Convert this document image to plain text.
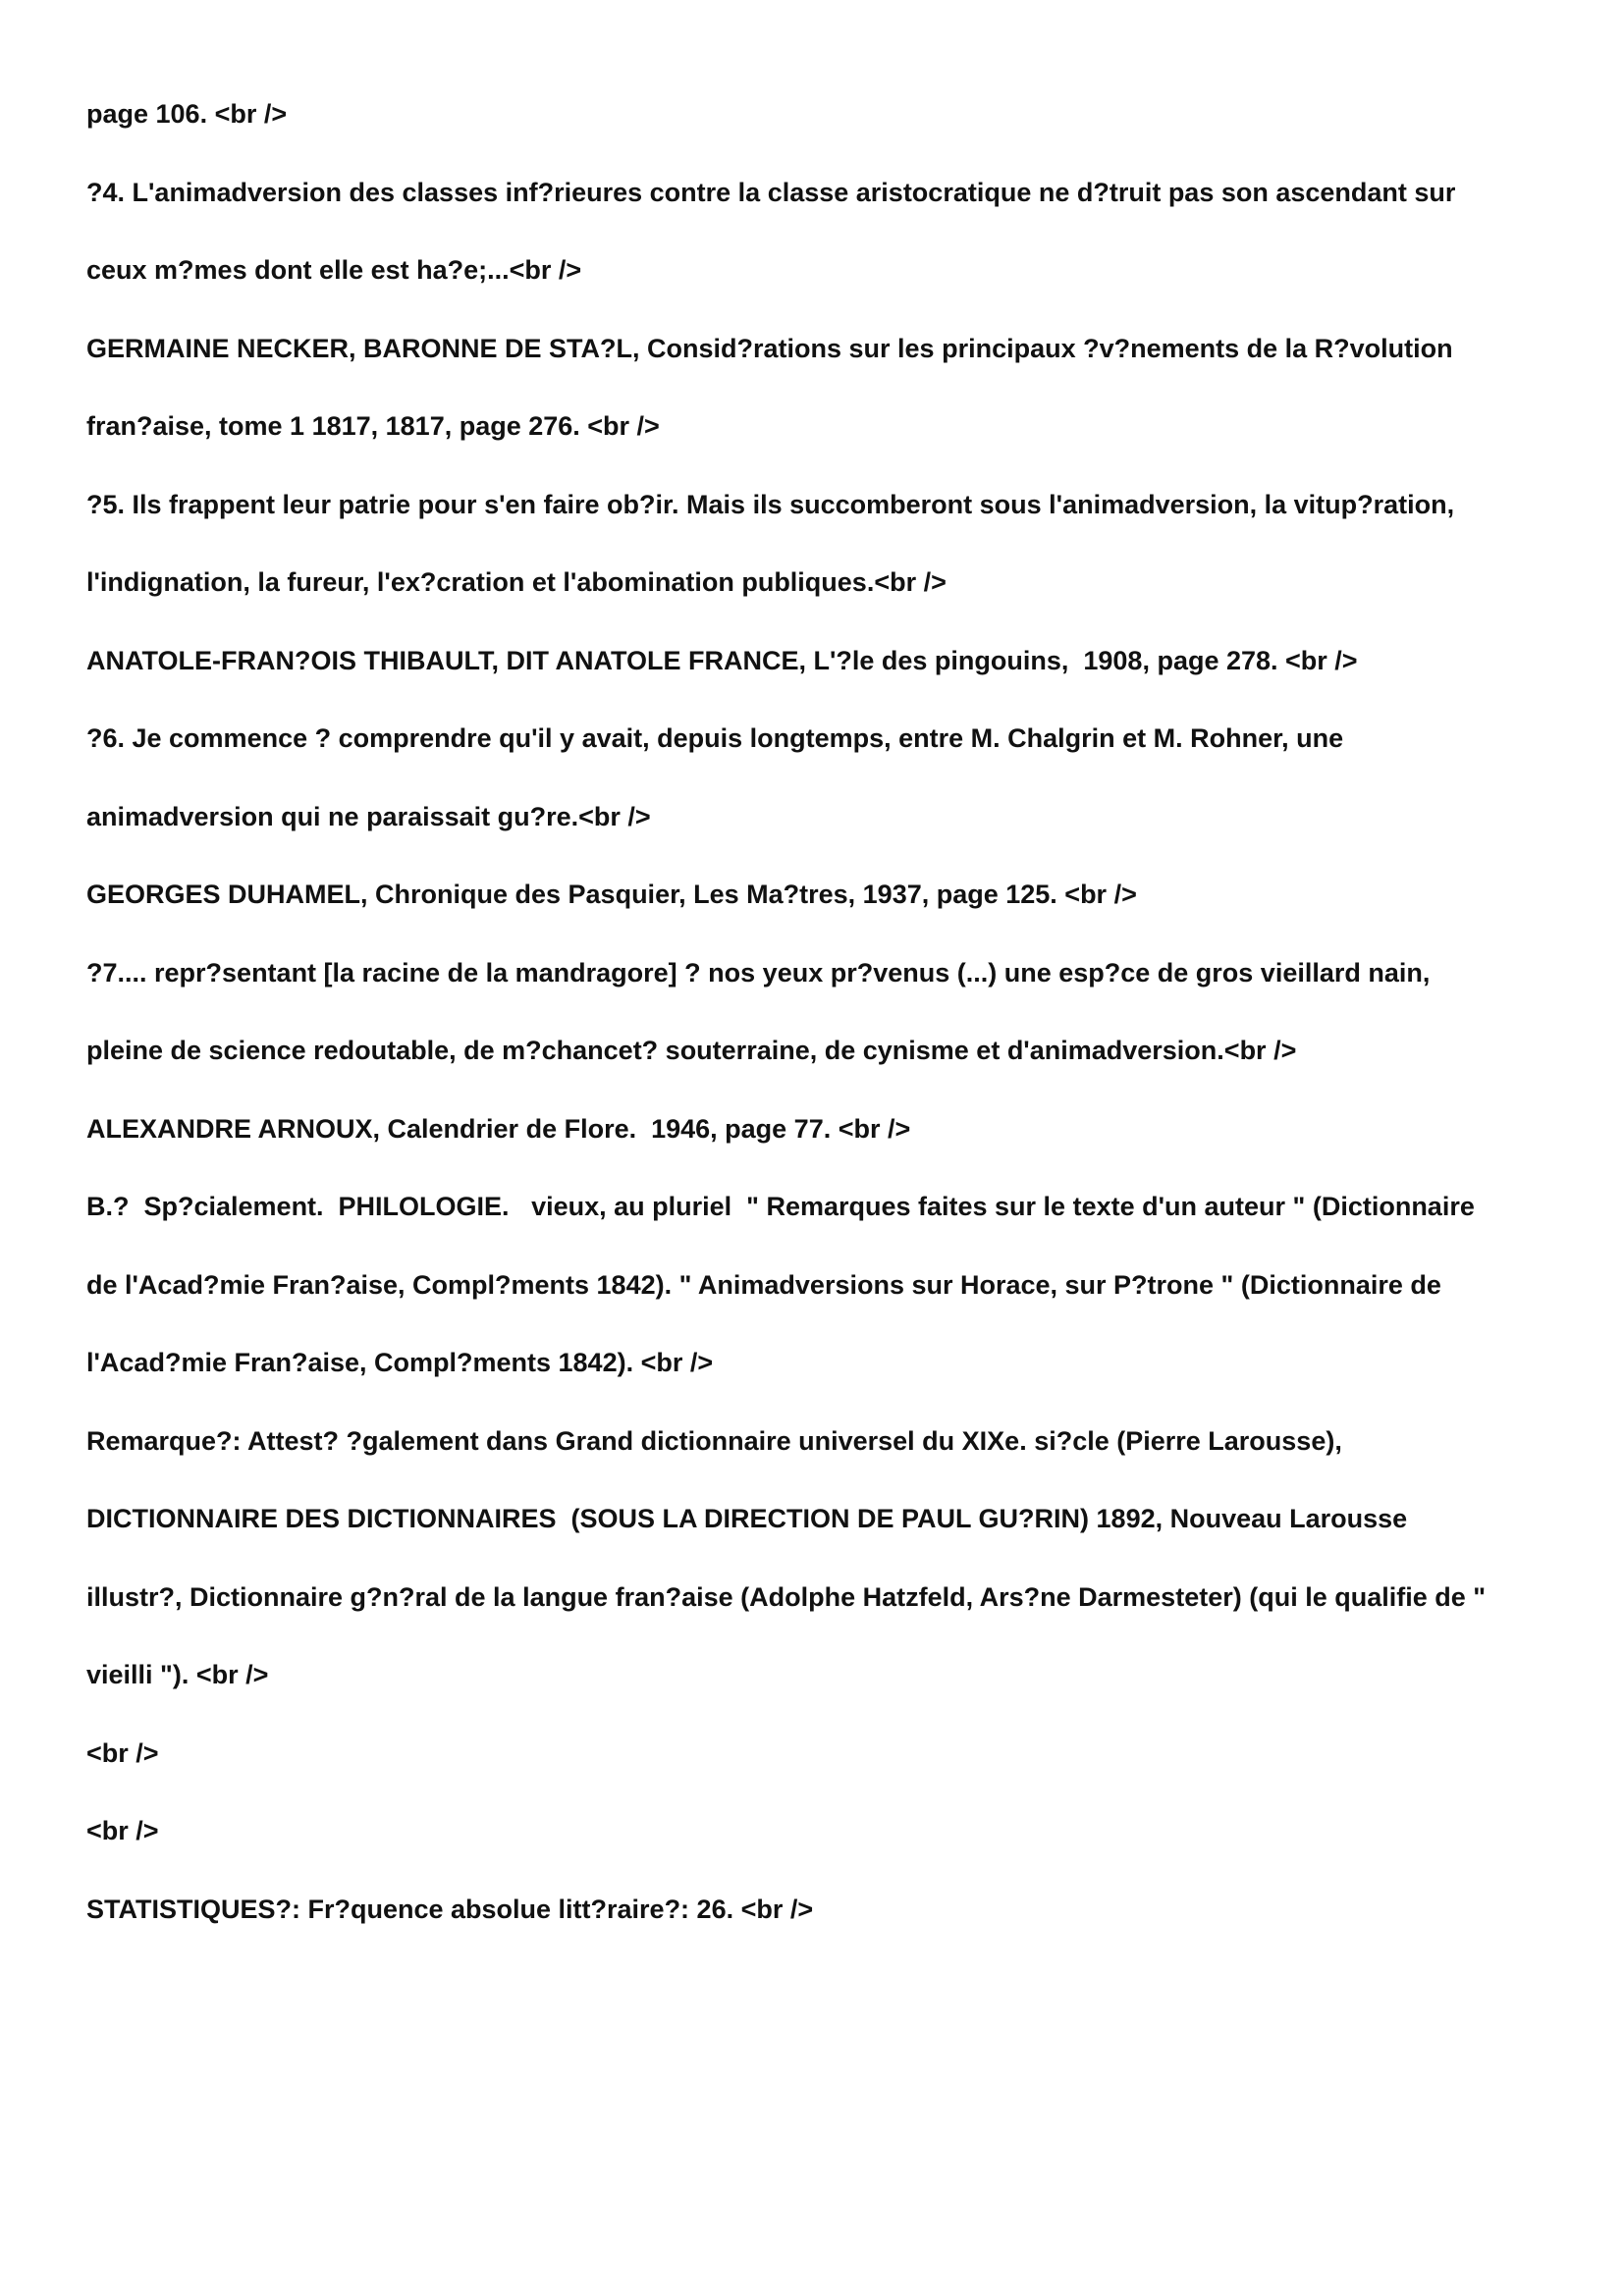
page 106. <br />
?4. L'animadversion des classes inf?rieures contre la classe aristocratique ne d?truit pas son ascendant sur
ceux m?mes dont elle est ha?e;...<br />
GERMAINE NECKER, BARONNE DE STA?L, Consid?rations sur les principaux ?v?nements de la R?volution
fran?aise, tome 1 1817, 1817, page 276. <br />
?5. Ils frappent leur patrie pour s'en faire ob?ir. Mais ils succomberont sous l'animadversion, la vitup?ration,
l'indignation, la fureur, l'ex?cration et l'abomination publiques.<br />
ANATOLE-FRAN?OIS THIBAULT, DIT ANATOLE FRANCE, L'?le des pingouins,  1908, page 278. <br />
?6. Je commence ? comprendre qu'il y avait, depuis longtemps, entre M. Chalgrin et M. Rohner, une
animadversion qui ne paraissait gu?re.<br />
GEORGES DUHAMEL, Chronique des Pasquier, Les Ma?tres, 1937, page 125. <br />
?7.... repr?sentant [la racine de la mandragore] ? nos yeux pr?venus (...) une esp?ce de gros vieillard nain,
pleine de science redoutable, de m?chancet? souterraine, de cynisme et d'animadversion.<br />
ALEXANDRE ARNOUX, Calendrier de Flore.  1946, page 77. <br />
B.?  Sp?cialement.  PHILOLOGIE.   vieux, au pluriel  " Remarques faites sur le texte d'un auteur " (Dictionnaire
de l'Acad?mie Fran?aise, Compl?ments 1842). " Animadversions sur Horace, sur P?trone " (Dictionnaire de
l'Acad?mie Fran?aise, Compl?ments 1842). <br />
Remarque?: Attest? ?galement dans Grand dictionnaire universel du XIXe. si?cle (Pierre Larousse),
DICTIONNAIRE DES DICTIONNAIRES  (SOUS LA DIRECTION DE PAUL GU?RIN) 1892, Nouveau Larousse
illustr?, Dictionnaire g?n?ral de la langue fran?aise (Adolphe Hatzfeld, Ars?ne Darmesteter) (qui le qualifie de "
vieilli "). <br />
<br />
<br />
STATISTIQUES?: Fr?quence absolue litt?raire?: 26. <br />
